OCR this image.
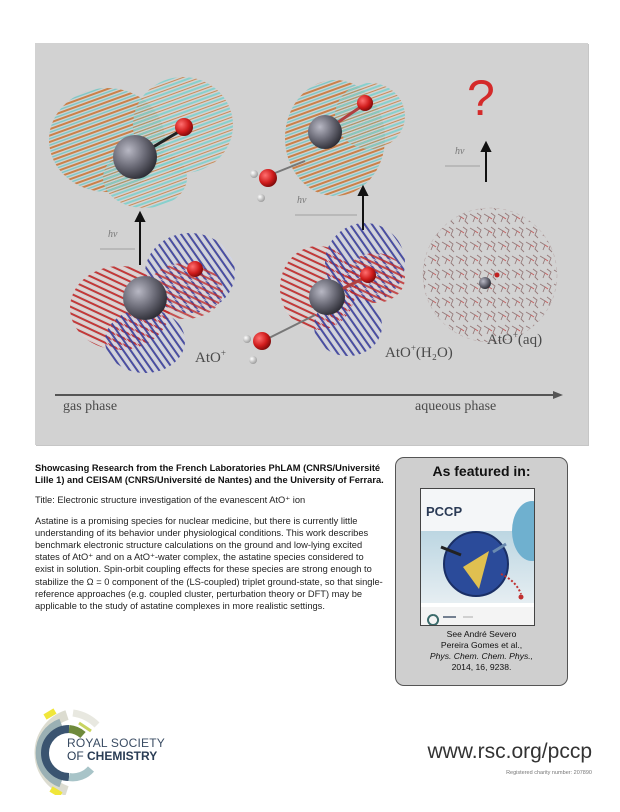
?
hν
hν
hν
AtO+	AtO+(H₂O)
AtO+(aq)
gas phase	aqueous phase

Showcasing Research from the French Laboratories PhLAM (CNRS/Université Lille 1) and CEISAM (CNRS/Université de Nantes) and the University of Ferrara.

Title: Electronic structure investigation of the evanescent AtO⁺ ion

Astatine is a promising species for nuclear medicine, but there is currently little understanding of its behavior under physiological conditions. This work describes benchmark electronic structure calculations on the ground and low-lying excited states of AtO⁺ and on a AtO⁺-water complex, the astatine species considered to exist in solution. Spin-orbit coupling effects for these species are strong enough to stabilize the Ω = 0 component of the (LS-coupled) triplet ground-state, so that single-reference approaches (e.g. coupled cluster, perturbation theory or DFT) may be applicable to the study of astatine complexes in more realistic settings.

As featured in:
PCCP
See André Severo
Pereira Gomes et al.,
Phys. Chem. Chem. Phys.,
2014, 16, 9238.
ROYAL SOCIETY
OF CHEMISTRY	www.rsc.org/pccp
Registered charity number: 207890
